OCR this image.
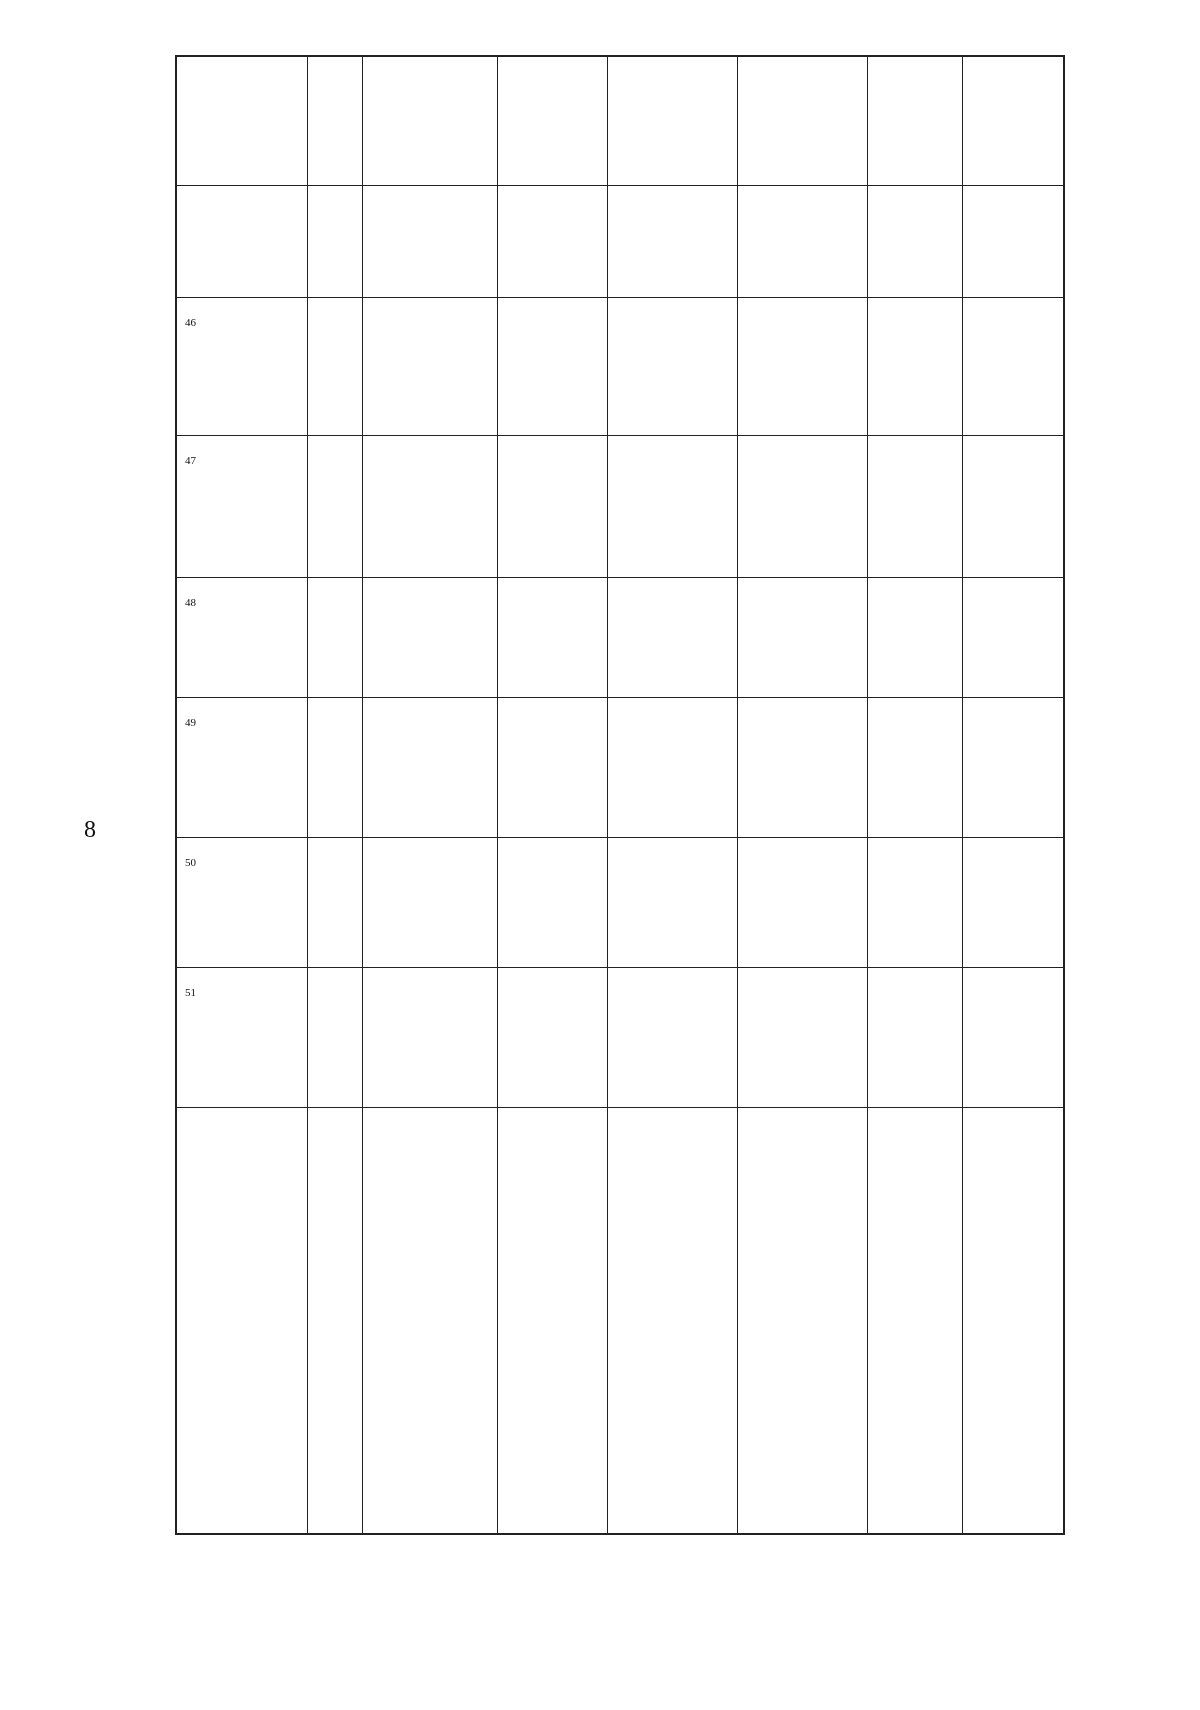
8
46
47
48
49
50
51
